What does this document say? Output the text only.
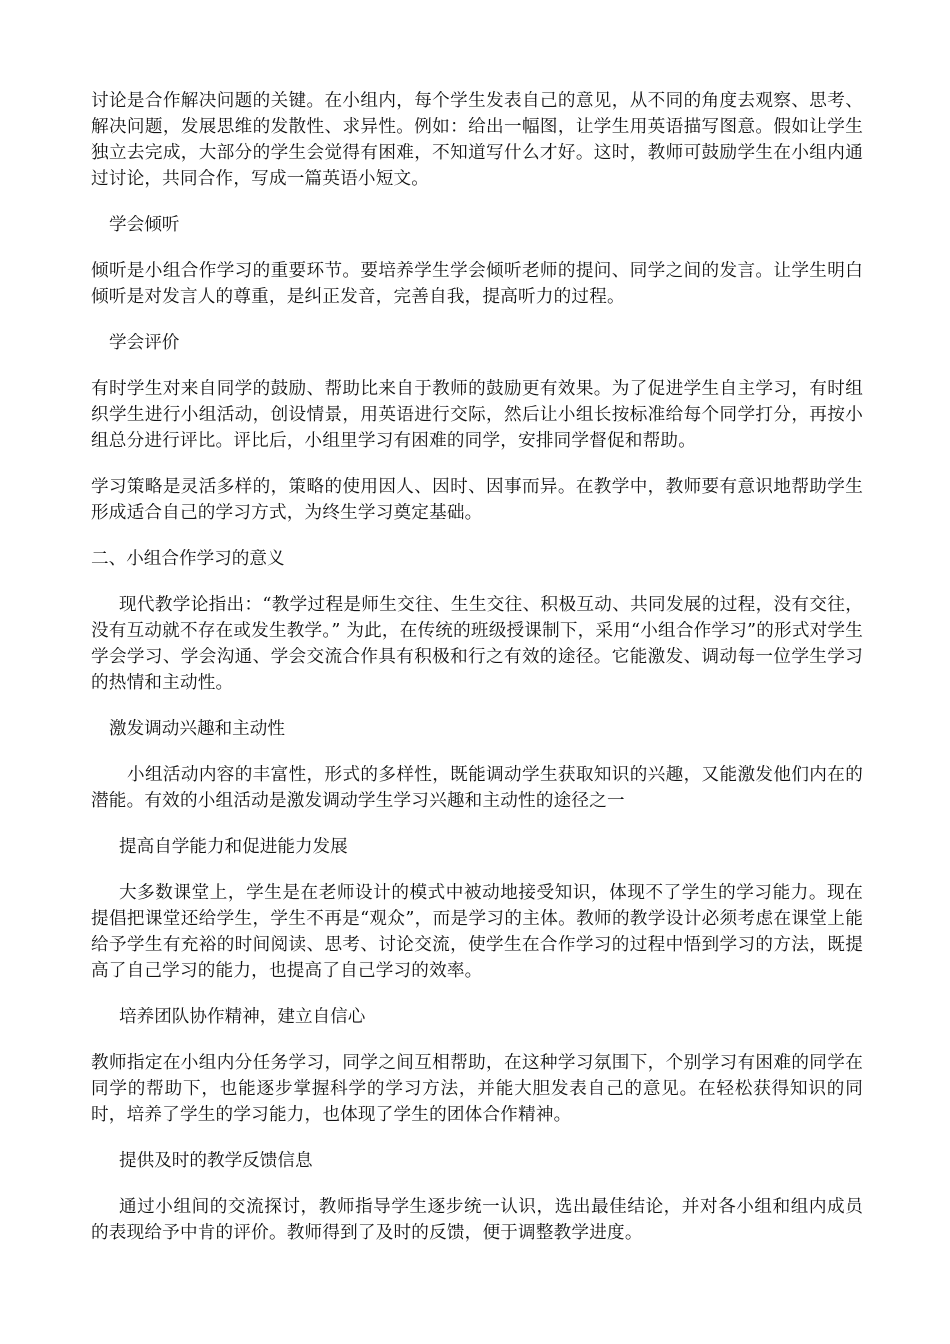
讨论是合作解决问题的关键。在小组内，每个学生发表自己的意见，从不同的角度去观察、思考、解决问题，发展思维的发散性、求异性。例如：给出一幅图，让学生用英语描写图意。假如让学生独立去完成，大部分的学生会觉得有困难，不知道写什么才好。这时，教师可鼓励学生在小组内通过讨论，共同合作，写成一篇英语小短文。

学会倾听

倾听是小组合作学习的重要环节。要培养学生学会倾听老师的提问、同学之间的发言。让学生明白倾听是对发言人的尊重，是纠正发音，完善自我，提高听力的过程。

学会评价

有时学生对来自同学的鼓励、帮助比来自于教师的鼓励更有效果。为了促进学生自主学习，有时组织学生进行小组活动，创设情景，用英语进行交际，然后让小组长按标准给每个同学打分，再按小组总分进行评比。评比后，小组里学习有困难的同学，安排同学督促和帮助。

学习策略是灵活多样的，策略的使用因人、因时、因事而异。在教学中，教师要有意识地帮助学生形成适合自己的学习方式，为终生学习奠定基础。

二、小组合作学习的意义

现代教学论指出：“教学过程是师生交往、生生交往、积极互动、共同发展的过程，没有交往，没有互动就不存在或发生教学。” 为此，在传统的班级授课制下，采用“小组合作学习”的形式对学生学会学习、学会沟通、学会交流合作具有积极和行之有效的途径。它能激发、调动每一位学生学习的热情和主动性。

激发调动兴趣和主动性

小组活动内容的丰富性，形式的多样性，既能调动学生获取知识的兴趣，又能激发他们内在的潜能。有效的小组活动是激发调动学生学习兴趣和主动性的途径之一

提高自学能力和促进能力发展

大多数课堂上，学生是在老师设计的模式中被动地接受知识，体现不了学生的学习能力。现在提倡把课堂还给学生，学生不再是“观众”，而是学习的主体。教师的教学设计必须考虑在课堂上能给予学生有充裕的时间阅读、思考、讨论交流，使学生在合作学习的过程中悟到学习的方法，既提高了自己学习的能力，也提高了自己学习的效率。

培养团队协作精神，建立自信心

教师指定在小组内分任务学习，同学之间互相帮助，在这种学习氛围下，个别学习有困难的同学在同学的帮助下，也能逐步掌握科学的学习方法，并能大胆发表自己的意见。在轻松获得知识的同时，培养了学生的学习能力，也体现了学生的团体合作精神。

提供及时的教学反馈信息

通过小组间的交流探讨，教师指导学生逐步统一认识，选出最佳结论，并对各小组和组内成员的表现给予中肯的评价。教师得到了及时的反馈，便于调整教学进度。
